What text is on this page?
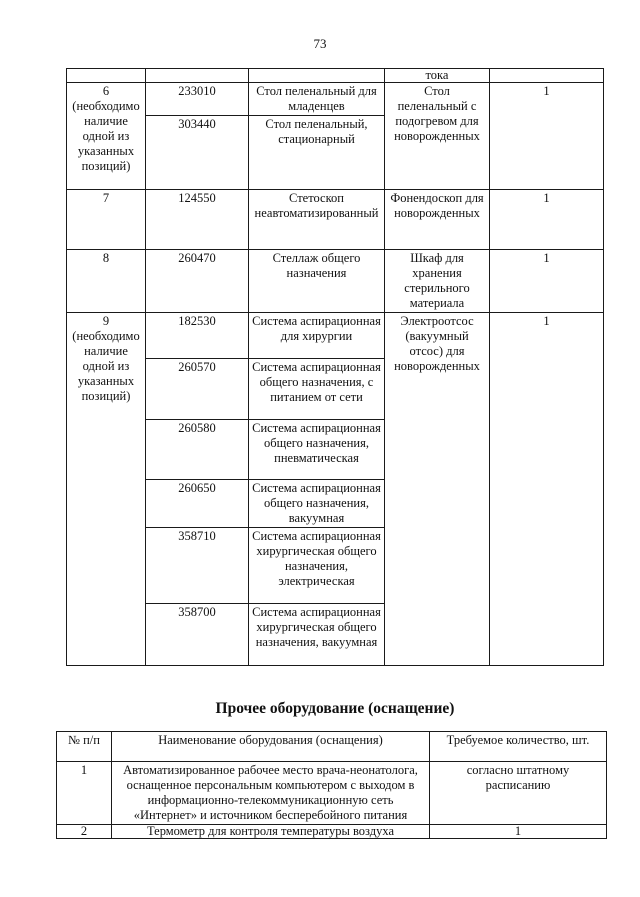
73
			тока	

6
(необходимо наличие одной из указанных позиций)	233010	Стол пеленальный для младенцев	Стол пеленальный с подогревом для новорожденных	1
	303440	Стол пеленальный, стационарный		
7	124550	Стетоскоп неавтоматизированный	Фонендоскоп для новорожденных	1
8	260470	Стеллаж общего назначения	Шкаф для хранения стерильного материала	1

9
(необходимо наличие одной из указанных позиций)	182530	Система аспирационная для хирургии	Электроотсос (вакуумный отсос) для новорожденных	1
	260570	Система аспирационная общего назначения, с питанием от сети		
	260580	Система аспирационная общего назначения, пневматическая		
	260650	Система аспирационная общего назначения, вакуумная		
	358710	Система аспирационная хирургическая общего назначения, электрическая		
	358700	Система аспирационная хирургическая общего назначения, вакуумная		
Прочее оборудование (оснащение)
№ п/п	Наименование оборудования (оснащения)	Требуемое количество, шт.
1	Автоматизированное рабочее место врача-неонатолога, оснащенное персональным компьютером с выходом в информационно-телекоммуникационную сеть «Интернет» и источником бесперебойного питания	согласно штатному расписанию
2	Термометр для контроля температуры воздуха	1
